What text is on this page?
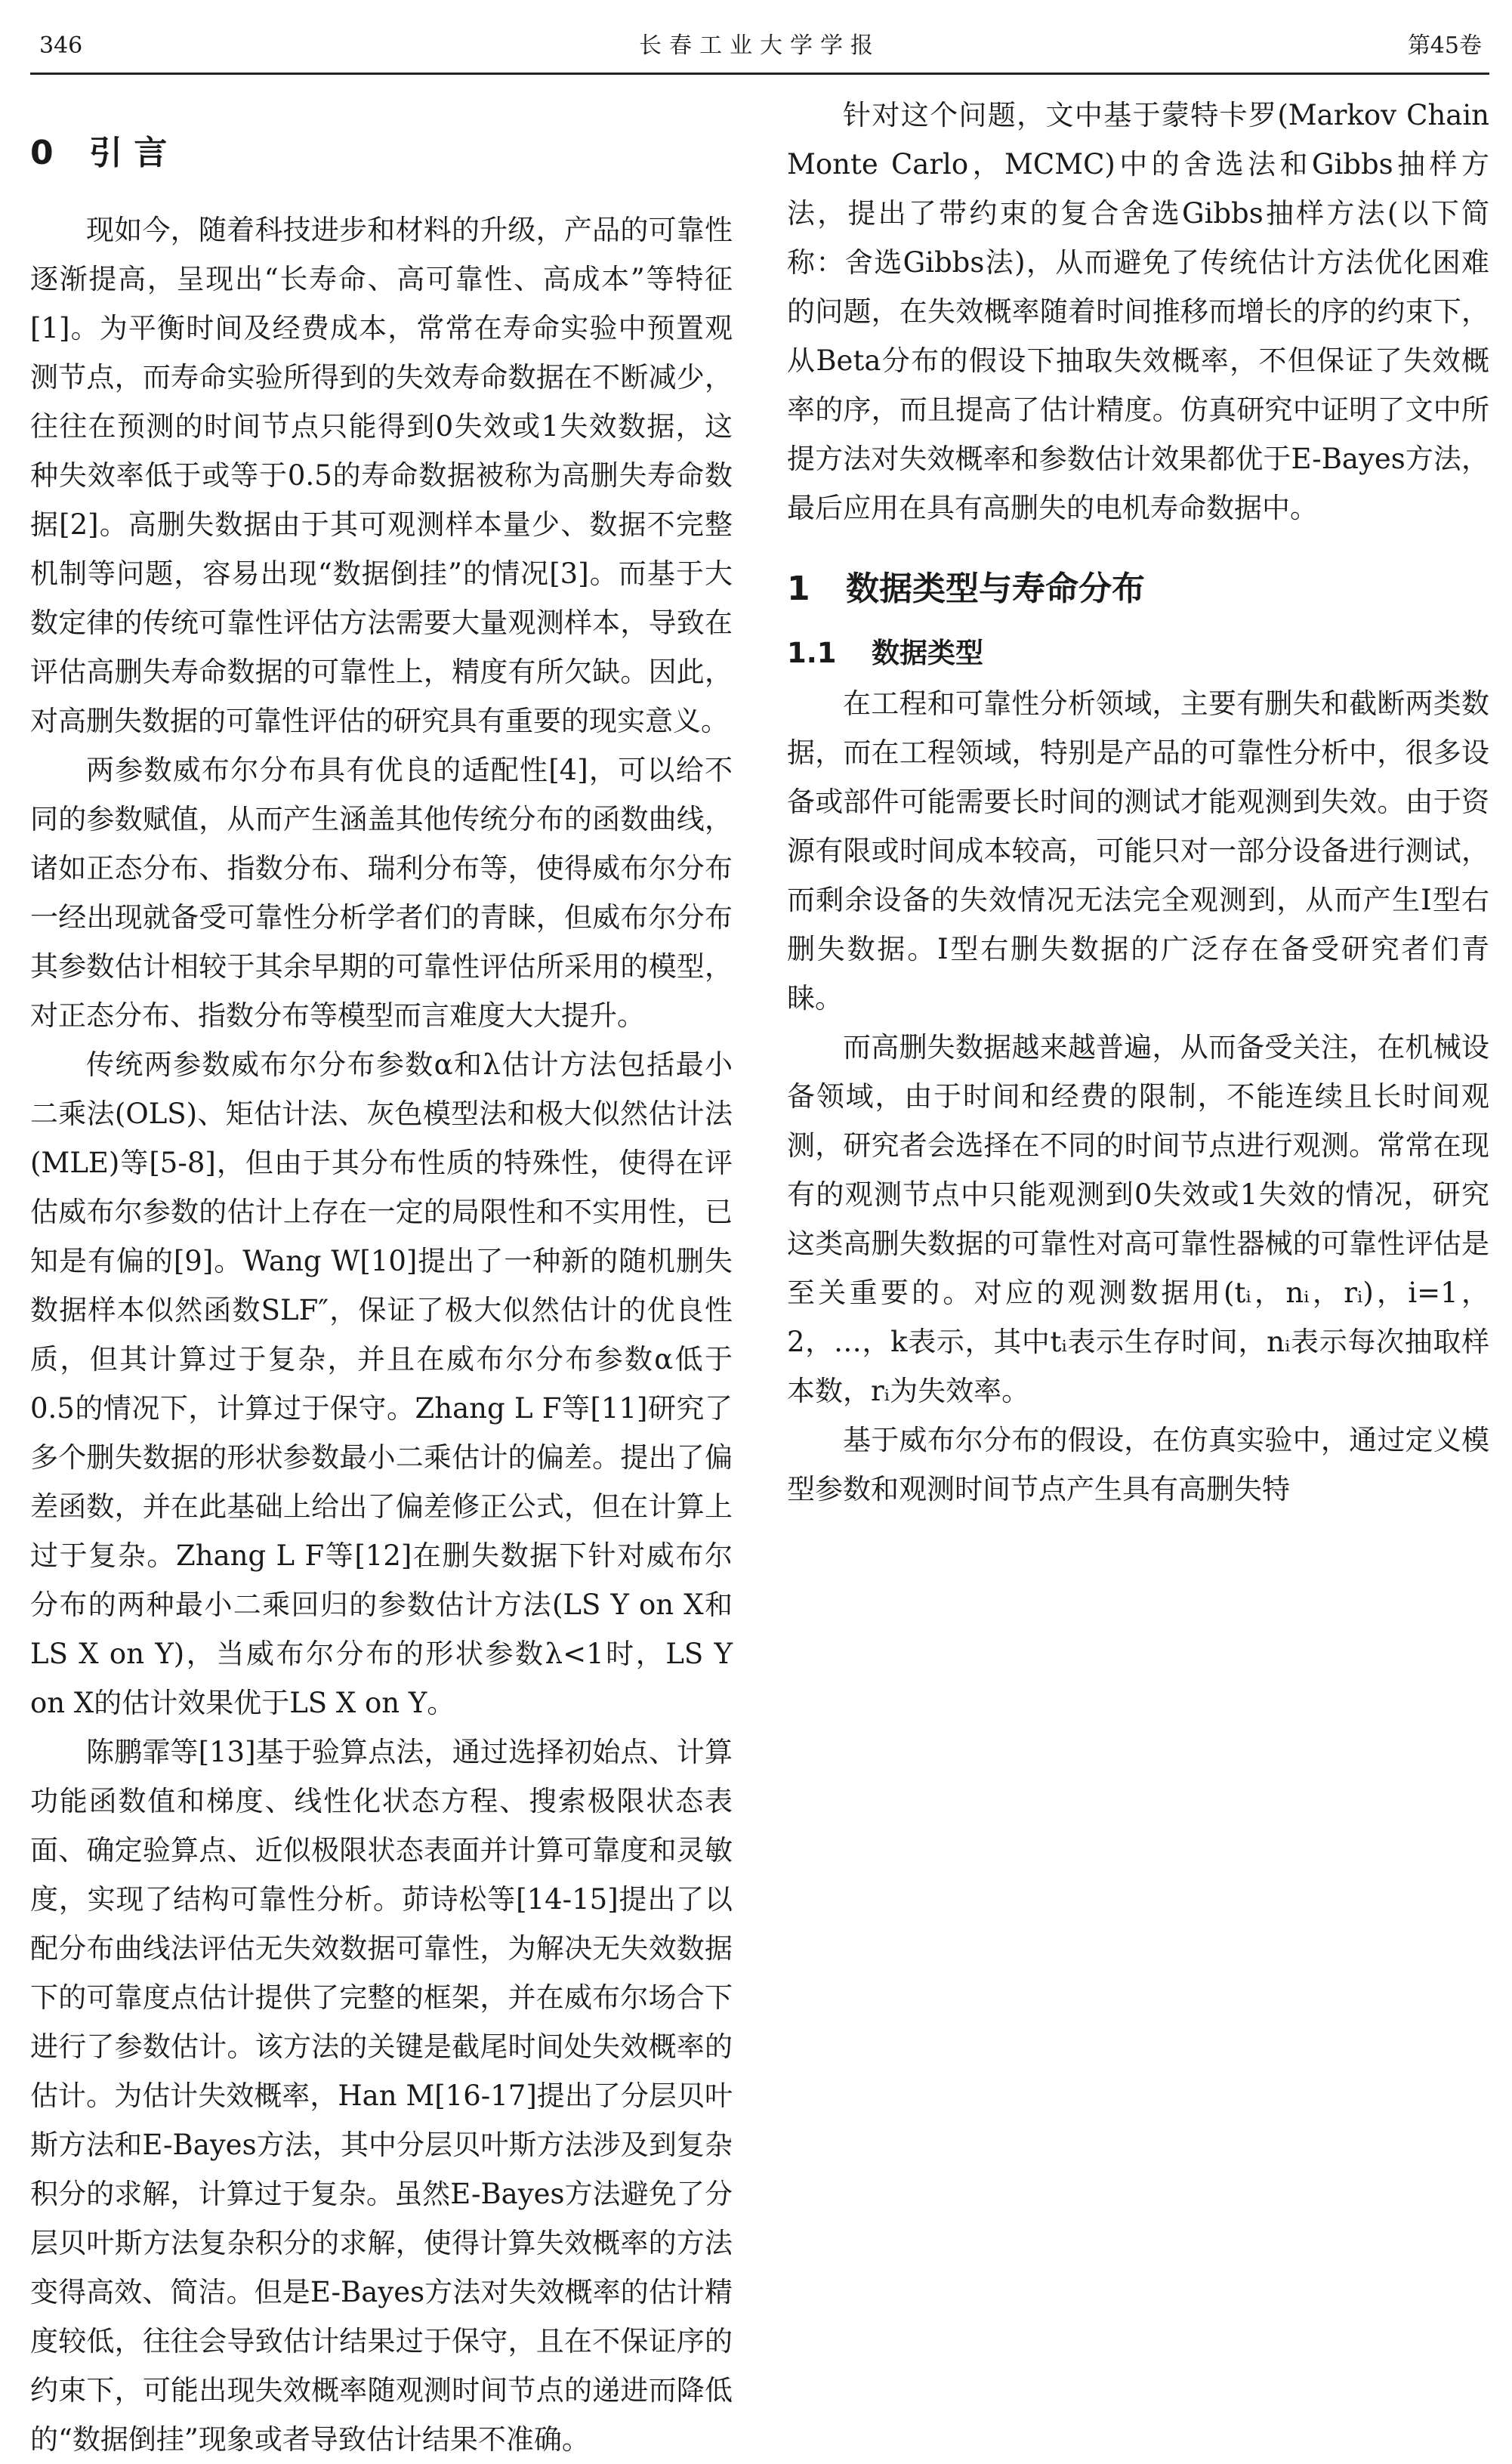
346	长春工业大学学报	第45卷
0 引 言

现如今，随着科技进步和材料的升级，产品的可靠性逐渐提高，呈现出“长寿命、高可靠性、高成本”等特征[1]。为平衡时间及经费成本，常常在寿命实验中预置观测节点，而寿命实验所得到的失效寿命数据在不断减少，往往在预测的时间节点只能得到0失效或1失效数据，这种失效率低于或等于0.5的寿命数据被称为高删失寿命数据[2]。高删失数据由于其可观测样本量少、数据不完整机制等问题，容易出现“数据倒挂”的情况[3]。而基于大数定律的传统可靠性评估方法需要大量观测样本，导致在评估高删失寿命数据的可靠性上，精度有所欠缺。因此，对高删失数据的可靠性评估的研究具有重要的现实意义。

两参数威布尔分布具有优良的适配性[4]，可以给不同的参数赋值，从而产生涵盖其他传统分布的函数曲线，诸如正态分布、指数分布、瑞利分布等，使得威布尔分布一经出现就备受可靠性分析学者们的青睐，但威布尔分布其参数估计相较于其余早期的可靠性评估所采用的模型，对正态分布、指数分布等模型而言难度大大提升。

传统两参数威布尔分布参数α和λ估计方法包括最小二乘法(OLS)、矩估计法、灰色模型法和极大似然估计法(MLE)等[5-8]，但由于其分布性质的特殊性，使得在评估威布尔参数的估计上存在一定的局限性和不实用性，已知是有偏的[9]。Wang W[10]提出了一种新的随机删失数据样本似然函数SLF″，保证了极大似然估计的优良性质，但其计算过于复杂，并且在威布尔分布参数α低于0.5的情况下，计算过于保守。Zhang L F等[11]研究了多个删失数据的形状参数最小二乘估计的偏差。提出了偏差函数，并在此基础上给出了偏差修正公式，但在计算上过于复杂。Zhang L F等[12]在删失数据下针对威布尔分布的两种最小二乘回归的参数估计方法(LS Y on X和LS X on Y)，当威布尔分布的形状参数λ<1时，LS Y on X的估计效果优于LS X on Y。

陈鹏霏等[13]基于验算点法，通过选择初始点、计算功能函数值和梯度、线性化状态方程、搜索极限状态表面、确定验算点、近似极限状态表面并计算可靠度和灵敏度，实现了结构可靠性分析。茆诗松等[14-15]提出了以配分布曲线法评估无失效数据可靠性，为解决无失效数据下的可靠度点估计提供了完整的框架，并在威布尔场合下进行了参数估计。该方法的关键是截尾时间处失效概率的估计。为估计失效概率，Han M[16-17]提出了分层贝叶斯方法和E-Bayes方法，其中分层贝叶斯方法涉及到复杂积分的求解，计算过于复杂。虽然E-Bayes方法避免了分层贝叶斯方法复杂积分的求解，使得计算失效概率的方法变得高效、简洁。但是E-Bayes方法对失效概率的估计精度较低，往往会导致估计结果过于保守，且在不保证序的约束下，可能出现失效概率随观测时间节点的递进而降低的“数据倒挂”现象或者导致估计结果不准确。

针对这个问题，文中基于蒙特卡罗(Markov Chain Monte Carlo，MCMC)中的舍选法和Gibbs抽样方法，提出了带约束的复合舍选Gibbs抽样方法(以下简称：舍选Gibbs法)，从而避免了传统估计方法优化困难的问题，在失效概率随着时间推移而增长的序的约束下，从Beta分布的假设下抽取失效概率，不但保证了失效概率的序，而且提高了估计精度。仿真研究中证明了文中所提方法对失效概率和参数估计效果都优于E-Bayes方法，最后应用在具有高删失的电机寿命数据中。

1 数据类型与寿命分布
1.1 数据类型

在工程和可靠性分析领域，主要有删失和截断两类数据，而在工程领域，特别是产品的可靠性分析中，很多设备或部件可能需要长时间的测试才能观测到失效。由于资源有限或时间成本较高，可能只对一部分设备进行测试，而剩余设备的失效情况无法完全观测到，从而产生Ⅰ型右删失数据。Ⅰ型右删失数据的广泛存在备受研究者们青睐。

而高删失数据越来越普遍，从而备受关注，在机械设备领域，由于时间和经费的限制，不能连续且长时间观测，研究者会选择在不同的时间节点进行观测。常常在现有的观测节点中只能观测到0失效或1失效的情况，研究这类高删失数据的可靠性对高可靠性器械的可靠性评估是至关重要的。对应的观测数据用(tᵢ，nᵢ，rᵢ)，i=1，2，…，k表示，其中tᵢ表示生存时间，nᵢ表示每次抽取样本数，rᵢ为失效率。

基于威布尔分布的假设，在仿真实验中，通过定义模型参数和观测时间节点产生具有高删失特
